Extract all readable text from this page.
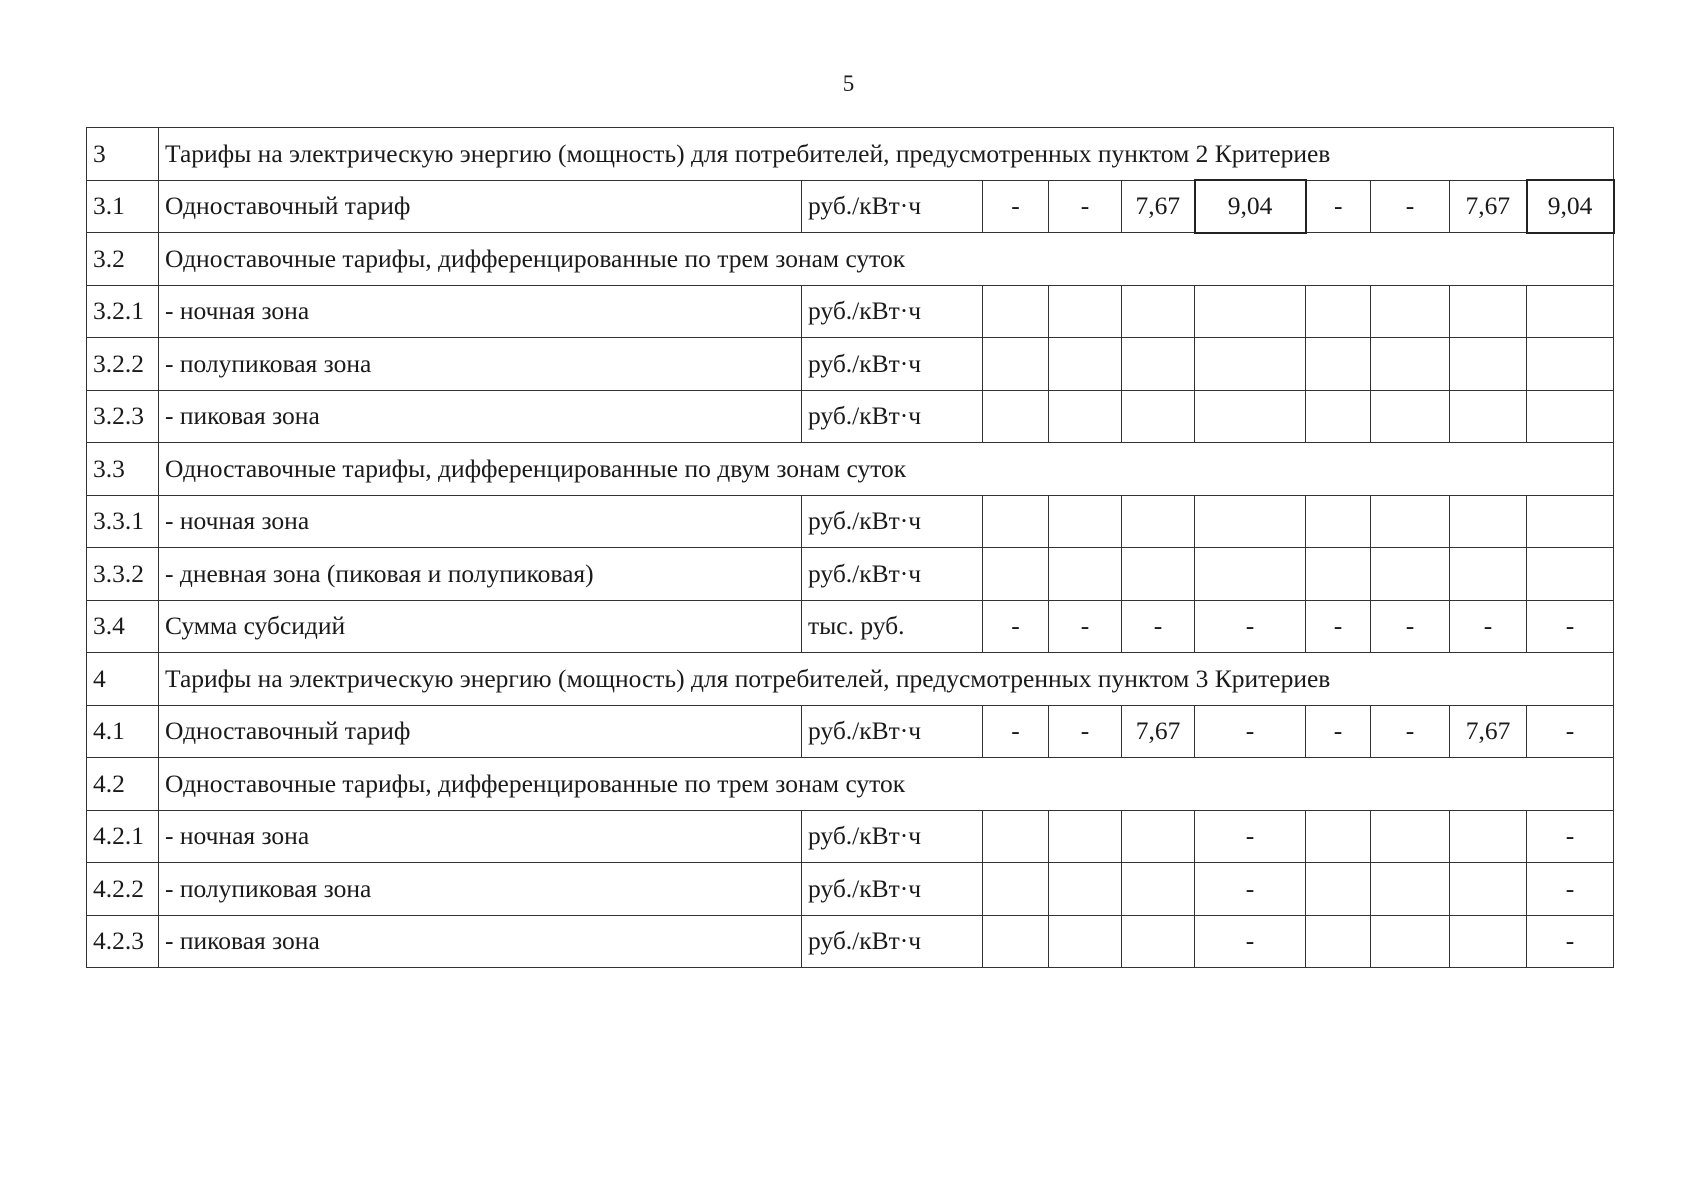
5
3	Тарифы на электрическую энергию (мощность) для потребителей, предусмотренных пунктом 2 Критериев									
3.1	Одноставочный тариф	руб./кВт·ч	-	-	7,67	9,04	-	-	7,67	9,04
3.2	Одноставочные тарифы, дифференцированные по трем зонам суток									
3.2.1	- ночная зона	руб./кВт·ч								
3.2.2	- полупиковая зона	руб./кВт·ч								
3.2.3	- пиковая зона	руб./кВт·ч								
3.3	Одноставочные тарифы, дифференцированные по двум зонам суток									
3.3.1	- ночная зона	руб./кВт·ч								
3.3.2	- дневная зона (пиковая и полупиковая)	руб./кВт·ч								
3.4	Сумма субсидий	тыс. руб.	-	-	-	-	-	-	-	-
4	Тарифы на электрическую энергию (мощность) для потребителей, предусмотренных пунктом 3 Критериев									
4.1	Одноставочный тариф	руб./кВт·ч	-	-	7,67	-	-	-	7,67	-
4.2	Одноставочные тарифы, дифференцированные по трем зонам суток									
4.2.1	- ночная зона	руб./кВт·ч				-				-
4.2.2	- полупиковая зона	руб./кВт·ч				-				-
4.2.3	- пиковая зона	руб./кВт·ч				-				-
